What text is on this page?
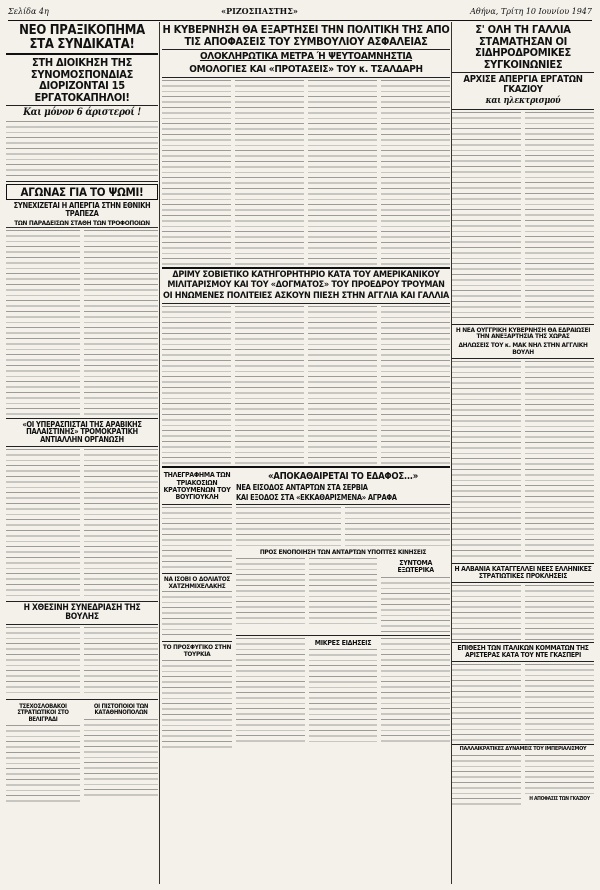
Σελίδα 4η	«ΡΙΖΟΣΠΑΣΤΗΣ»	Αθήνα, Τρίτη 10 Ιουνίου 1947
ΝΕΟ ΠΡΑΞΙΚΟΠΗΜΑ ΣΤΑ ΣΥΝΔΙΚΑΤΑ!
ΣΤΗ ΔΙΟΙΚΗΣΗ ΤΗΣ ΣΥΝΟΜΟΣΠΟΝΔΙΑΣ ΔΙΟΡΙΖΟΝΤΑΙ 15 ΕΡΓΑΤΟΚΑΠΗΛΟΙ!
Και μόνον 6 άριστεροί !
ΑΓΩΝΑΣ ΓΙΑ ΤΟ ΨΩΜΙ!
ΣΥΝΕΧΙΖΕΤΑΙ Η ΑΠΕΡΓΙΑ ΣΤΗΝ ΕΘΝΙΚΗ ΤΡΑΠΕΖΑ
ΤΩΝ ΠΑΡΑΔΕΙΣΩΝ ΣΤΑΘΗ ΤΩΝ ΤΡΟΦΟΠΟΙΩΝ
«ΟΙ ΥΠΕΡΑΣΠΙΣΤΑΙ ΤΗΣ ΑΡΑΒΙΚΗΣ ΠΑΛΑΙΣΤΙΝΗΣ» ΤΡΟΜΟΚΡΑΤΙΚΗ ΑΝΤΙΑΛΛΗΝ ΟΡΓΑΝΩΣΗ
Η ΧΘΕΣΙΝΗ ΣΥΝΕΔΡΙΑΣΗ ΤΗΣ ΒΟΥΛΗΣ
ΤΣΕΧΟΣΛΟΒΑΚΟΙ ΣΤΡΑΤΙΩΤΙΚΟΙ ΣΤΟ ΒΕΛΙΓΡΑΔΙ
ΟΙ ΠΙΣΤΟΠΟΙΟΙ ΤΩΝ ΚΑΤΑΘΗΝΟΠΟΛΩΝ
Η ΚΥΒΕΡΝΗΣΗ ΘΑ ΕΞΑΡΤΗΣΕΙ ΤΗΝ ΠΟΛΙΤΙΚΗ ΤΗΣ ΑΠΟ ΤΙΣ ΑΠΟΦΑΣΕΙΣ ΤΟΥ ΣΥΜΒΟΥΛΙΟΥ ΑΣΦΑΛΕΙΑΣ
ΟΛΟΚΛΗΡΩΤΙΚΑ ΜΕΤΡΑ Ή ΨΕΥΤΟΑΜΝΗΣΤΙΑ
ΟΜΟΛΟΓΙΕΣ ΚΑΙ «ΠΡΟΤΑΣΕΙΣ» ΤΟΥ κ. ΤΣΑΛΔΑΡΗ
ΔΡΙΜΥ ΣΟΒΙΕΤΙΚΟ ΚΑΤΗΓΟΡΗΤΗΡΙΟ ΚΑΤΑ ΤΟΥ ΑΜΕΡΙΚΑΝΙΚΟΥ ΜΙΛΙΤΑΡΙΣΜΟΥ ΚΑΙ ΤΟΥ «ΔΟΓΜΑΤΟΣ» ΤΟΥ ΠΡΟΕΔΡΟΥ ΤΡΟΥΜΑΝ
ΟΙ ΗΝΩΜΕΝΕΣ ΠΟΛΙΤΕΙΕΣ ΑΣΚΟΥΝ ΠΙΕΣΗ ΣΤΗΝ ΑΓΓΛΙΑ ΚΑΙ ΓΑΛΛΙΑ
ΤΗΛΕΓΡΑΦΗΜΑ ΤΩΝ ΤΡΙΑΚΟΣΙΩΝ ΚΡΑΤΟΥΜΕΝΩΝ ΤΟΥ ΒΟΥΓΙΟΥΚΛΗ
ΝΑ ΙΣΟΒΙ Ο ΔΟΛΙΑΤΟΣ ΧΑΤΖΗΜΙΧΕΛΑΚΗΣ
ΤΟ ΠΡΟΣΦΥΓΙΚΟ ΣΤΗΝ ΤΟΥΡΚΙΑ
«ΑΠΟΚΑΘΑΙΡΕΤΑΙ ΤΟ ΕΔΑΦΟΣ...»
ΝΕΑ ΕΙΣΟΔΟΣ ΑΝΤΑΡΤΩΝ ΣΤΑ ΣΕΡΒΙΑ
ΚΑΙ ΕΞΟΔΟΣ ΣΤΑ «ΕΚΚΑΘΑΡΙΣΜΕΝΑ» ΑΓΡΑΦΑ
ΠΡΟΣ ΕΝΟΠΟΙΗΣΗ ΤΩΝ ΑΝΤΑΡΤΩΝ ΥΠΟΠΤΕΣ ΚΙΝΗΣΕΙΣ
ΣΥΝΤΟΜΑ ΕΞΩΤΕΡΙΚΑ
ΜΙΚΡΕΣ ΕΙΔΗΣΕΙΣ
Σ' ΟΛΗ ΤΗ ΓΑΛΛΙΑ ΣΤΑΜΑΤΗΣΑΝ ΟΙ ΣΙΔΗΡΟΔΡΟΜΙΚΕΣ ΣΥΓΚΟΙΝΩΝΙΕΣ
ΑΡΧΙΣΕ ΑΠΕΡΓΙΑ ΕΡΓΑΤΩΝ ΓΚΑΖΙΟΥ
και ηλεκτρισμού
Η ΝΕΑ ΟΥΓΓΡΙΚΗ ΚΥΒΕΡΝΗΣΗ ΘΑ ΕΔΡΑΙΩΣΕΙ ΤΗΝ ΑΝΕΞΑΡΤΗΣΙΑ ΤΗΣ ΧΩΡΑΣ
ΔΗΛΩΣΕΙΣ ΤΟΥ κ. ΜΑΚ ΝΗΛ ΣΤΗΝ ΑΓΓΛΙΚΗ ΒΟΥΛΗ
Η ΑΛΒΑΝΙΑ ΚΑΤΑΓΓΕΛΛΕΙ ΝΕΕΣ ΕΛΛΗΝΙΚΕΣ ΣΤΡΑΤΙΩΤΙΚΕΣ ΠΡΟΚΛΗΣΕΙΣ
ΕΠΙΘΕΣΗ ΤΩΝ ΙΤΑΛΙΚΩΝ ΚΟΜΜΑΤΩΝ ΤΗΣ ΑΡΙΣΤΕΡΑΣ ΚΑΤΑ ΤΟΥ ΝΤΕ ΓΚΑΣΠΕΡΙ
ΠΑΛΛΑΙΚΡΑΤΙΚΕΣ ΔΥΝΑΜΕΙΣ ΤΟΥ ΙΜΠΕΡΙΑΛΙΣΜΟΥ
Η ΑΠΟΦΑΣΙΣ ΤΩΝ ΓΚΑΖΙΟΥ
